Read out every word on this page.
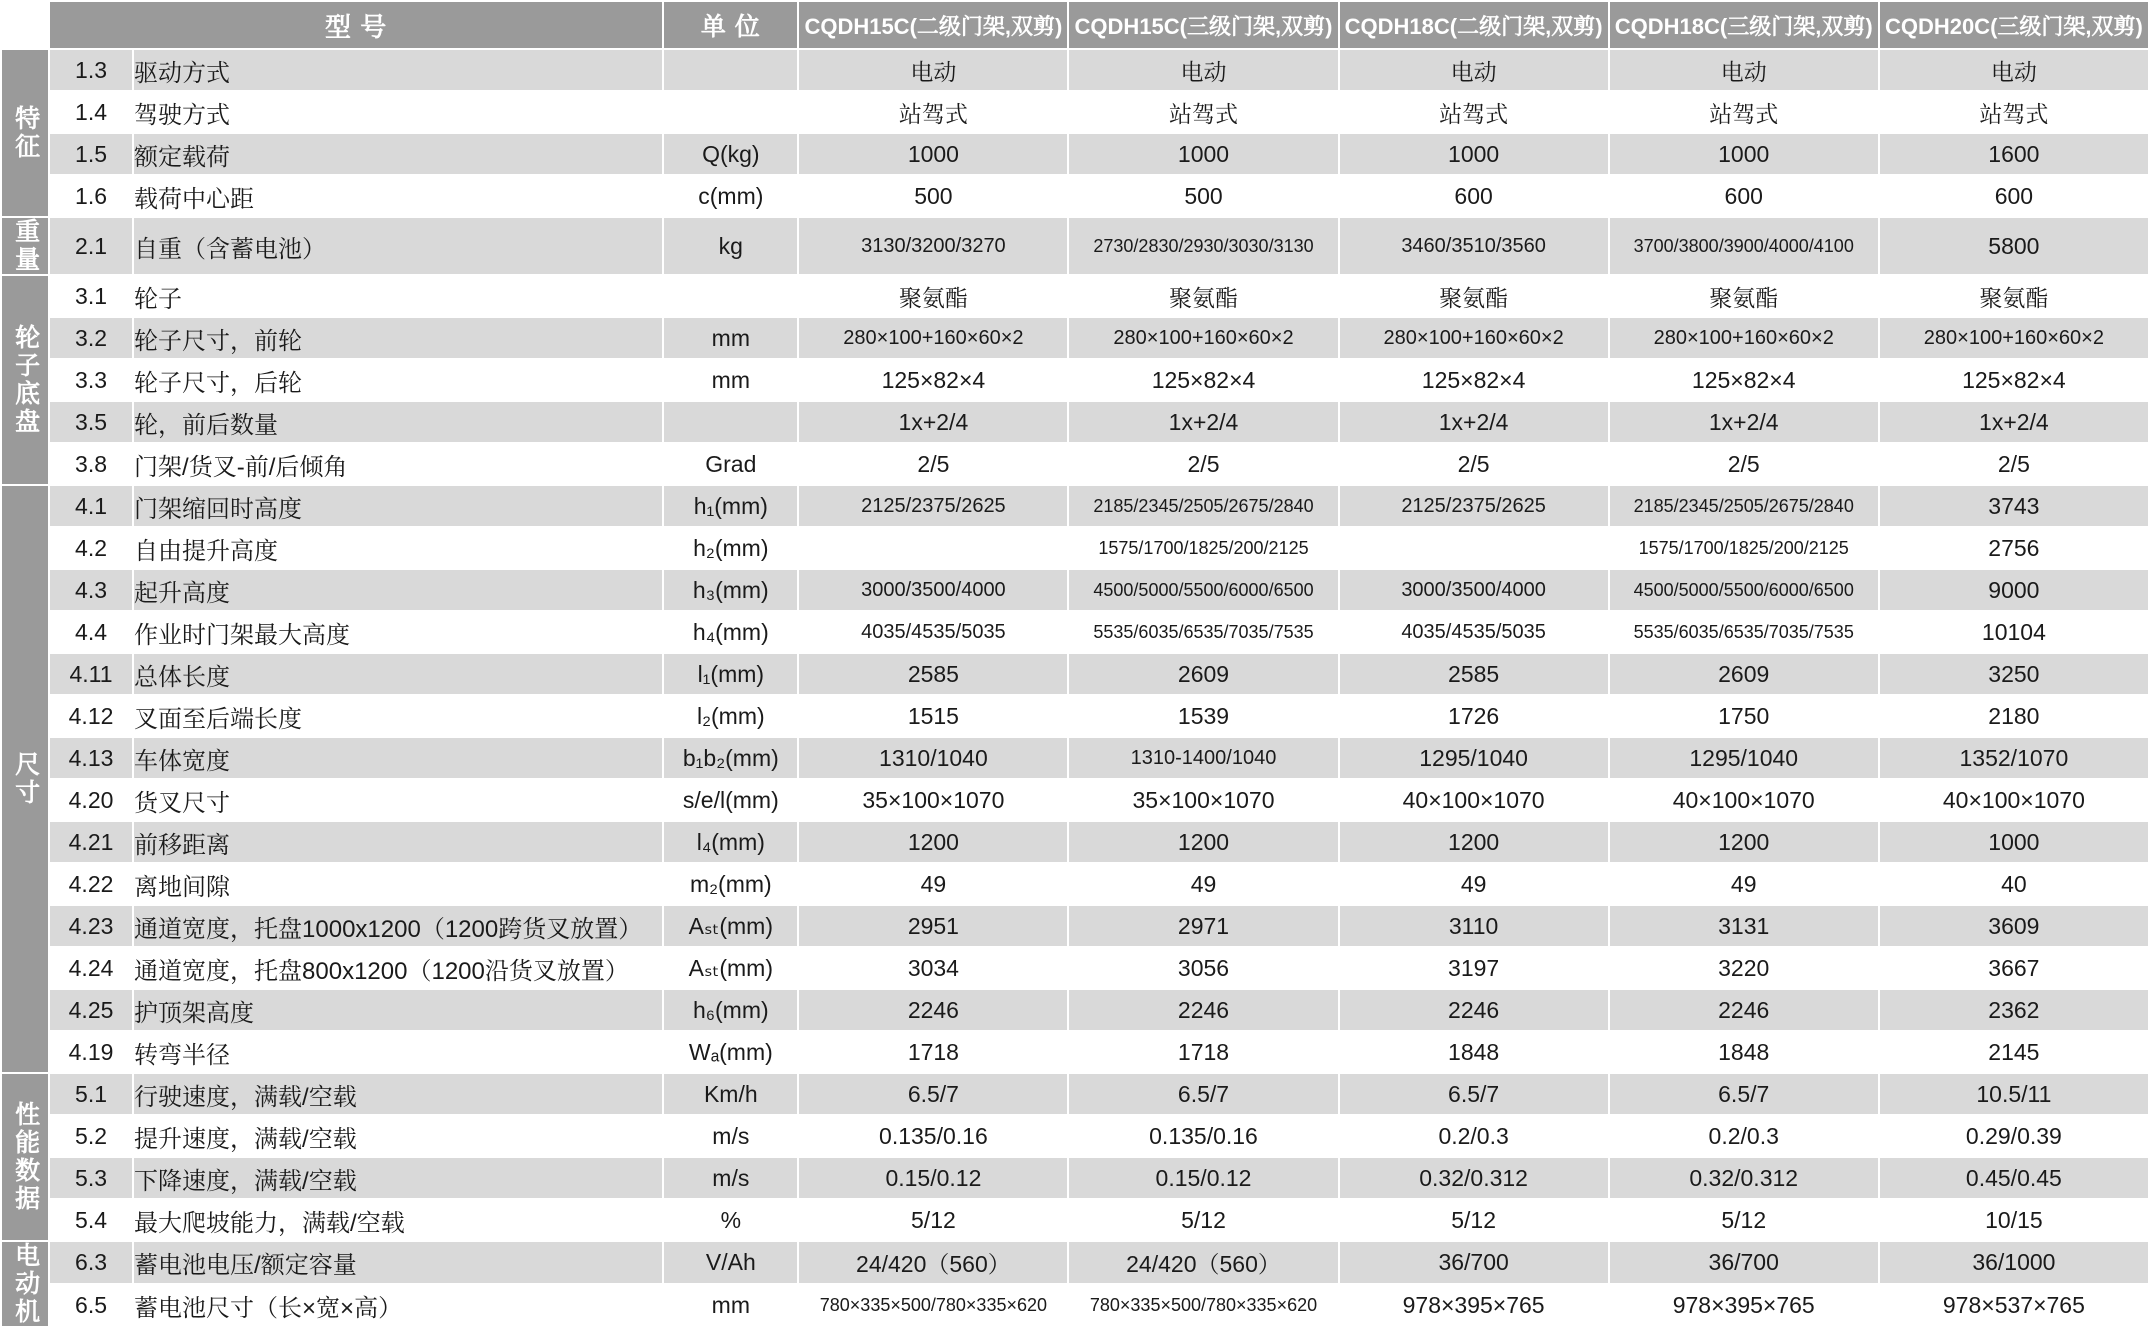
	型 号		单 位	CQDH15C(二级门架,双剪)	CQDH15C(三级门架,双剪)	CQDH18C(二级门架,双剪)	CQDH18C(三级门架,双剪)	CQDH20C(三级门架,双剪)

特征	1.3	驱动方式		电动	电动	电动	电动	电动
	1.4	驾驶方式		站驾式	站驾式	站驾式	站驾式	站驾式
	1.5	额定载荷	Q(kg)	1000	1000	1000	1000	1600
	1.6	载荷中心距	c(mm)	500	500	600	600	600

重量	2.1	自重（含蓄电池）	kg	3130/3200/3270	2730/2830/2930/3030/3130	3460/3510/3560	3700/3800/3900/4000/4100	5800

轮子底盘	3.1	轮子		聚氨酯	聚氨酯	聚氨酯	聚氨酯	聚氨酯
	3.2	轮子尺寸，前轮	mm	280×100+160×60×2	280×100+160×60×2	280×100+160×60×2	280×100+160×60×2	280×100+160×60×2
	3.3	轮子尺寸，后轮	mm	125×82×4	125×82×4	125×82×4	125×82×4	125×82×4
	3.5	轮，前后数量		1x+2/4	1x+2/4	1x+2/4	1x+2/4	1x+2/4
	3.8	门架/货叉-前/后倾角	Grad	2/5	2/5	2/5	2/5	2/5

尺寸	4.1	门架缩回时高度	h₁(mm)	2125/2375/2625	2185/2345/2505/2675/2840	2125/2375/2625	2185/2345/2505/2675/2840	3743
	4.2	自由提升高度	h₂(mm)		1575/1700/1825/200/2125		1575/1700/1825/200/2125	2756
	4.3	起升高度	h₃(mm)	3000/3500/4000	4500/5000/5500/6000/6500	3000/3500/4000	4500/5000/5500/6000/6500	9000
	4.4	作业时门架最大高度	h₄(mm)	4035/4535/5035	5535/6035/6535/7035/7535	4035/4535/5035	5535/6035/6535/7035/7535	10104
	4.11	总体长度	l₁(mm)	2585	2609	2585	2609	3250
	4.12	叉面至后端长度	l₂(mm)	1515	1539	1726	1750	2180
	4.13	车体宽度	b₁b₂(mm)	1310/1040	1310-1400/1040	1295/1040	1295/1040	1352/1070
	4.20	货叉尺寸	s/e/l(mm)	35×100×1070	35×100×1070	40×100×1070	40×100×1070	40×100×1070
	4.21	前移距离	l₄(mm)	1200	1200	1200	1200	1000
	4.22	离地间隙	m₂(mm)	49	49	49	49	40
	4.23	通道宽度，托盘1000x1200（1200跨货叉放置）	Aₛₜ(mm)	2951	2971	3110	3131	3609
	4.24	通道宽度，托盘800x1200（1200沿货叉放置）	Aₛₜ(mm)	3034	3056	3197	3220	3667
	4.25	护顶架高度	h₆(mm)	2246	2246	2246	2246	2362
	4.19	转弯半径	Wₐ(mm)	1718	1718	1848	1848	2145

性能数据	5.1	行驶速度，满载/空载	Km/h	6.5/7	6.5/7	6.5/7	6.5/7	10.5/11
	5.2	提升速度，满载/空载	m/s	0.135/0.16	0.135/0.16	0.2/0.3	0.2/0.3	0.29/0.39
	5.3	下降速度，满载/空载	m/s	0.15/0.12	0.15/0.12	0.32/0.312	0.32/0.312	0.45/0.45
	5.4	最大爬坡能力，满载/空载	%	5/12	5/12	5/12	5/12	10/15

电动机	6.3	蓄电池电压/额定容量	V/Ah	24/420（560）	24/420（560）	36/700	36/700	36/1000
	6.5	蓄电池尺寸（长×宽×高）	mm	780×335×500/780×335×620	780×335×500/780×335×620	978×395×765	978×395×765	978×537×765
